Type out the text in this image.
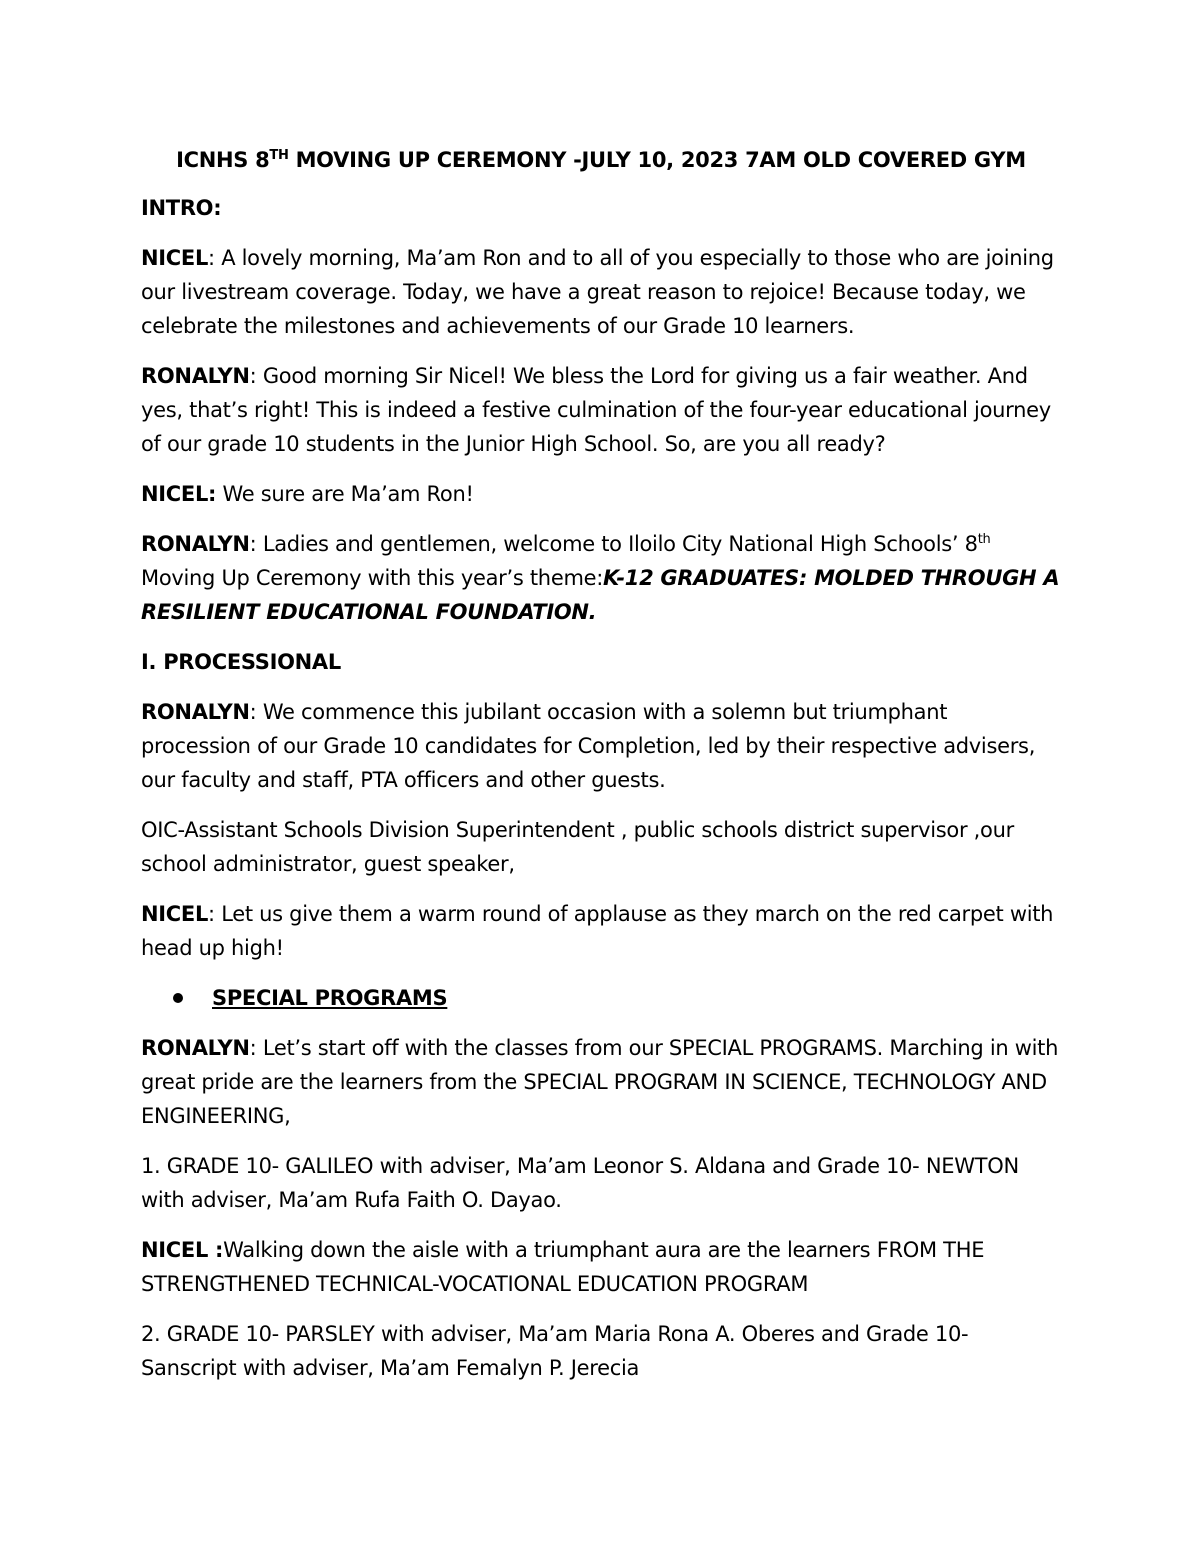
ICNHS 8TH MOVING UP CEREMONY -JULY 10, 2023 7AM OLD COVERED GYM

INTRO:

NICEL: A lovely morning, Ma’am Ron and to all of you especially to those who are joining our livestream coverage. Today, we have a great reason to rejoice! Because today, we celebrate the milestones and achievements of our Grade 10 learners.

RONALYN: Good morning Sir Nicel! We bless the Lord for giving us a fair weather. And yes, that’s right! This is indeed a festive culmination of the four-year educational journey of our grade 10 students in the Junior High School. So, are you all ready?

NICEL: We sure are Ma’am Ron!

RONALYN: Ladies and gentlemen, welcome to Iloilo City National High Schools’ 8th Moving Up Ceremony with this year’s theme:K-12 GRADUATES: MOLDED THROUGH A RESILIENT EDUCATIONAL FOUNDATION.

I. PROCESSIONAL

RONALYN: We commence this jubilant occasion with a solemn but triumphant procession of our Grade 10 candidates for Completion, led by their respective advisers, our faculty and staff, PTA officers and other guests.

OIC-Assistant Schools Division Superintendent , public schools district supervisor ,our school administrator, guest speaker,

NICEL: Let us give them a warm round of applause as they march on the red carpet with head up high!

SPECIAL PROGRAMS

RONALYN: Let’s start off with the classes from our SPECIAL PROGRAMS. Marching in with great pride are the learners from the SPECIAL PROGRAM IN SCIENCE, TECHNOLOGY AND ENGINEERING,

1. GRADE 10- GALILEO with adviser, Ma’am Leonor S. Aldana and Grade 10- NEWTON with adviser, Ma’am Rufa Faith O. Dayao.

NICEL :Walking down the aisle with a triumphant aura are the learners FROM THE STRENGTHENED TECHNICAL-VOCATIONAL EDUCATION PROGRAM

2. GRADE 10- PARSLEY with adviser, Ma’am Maria Rona A. Oberes and Grade 10- Sanscript with adviser, Ma’am Femalyn P. Jerecia
